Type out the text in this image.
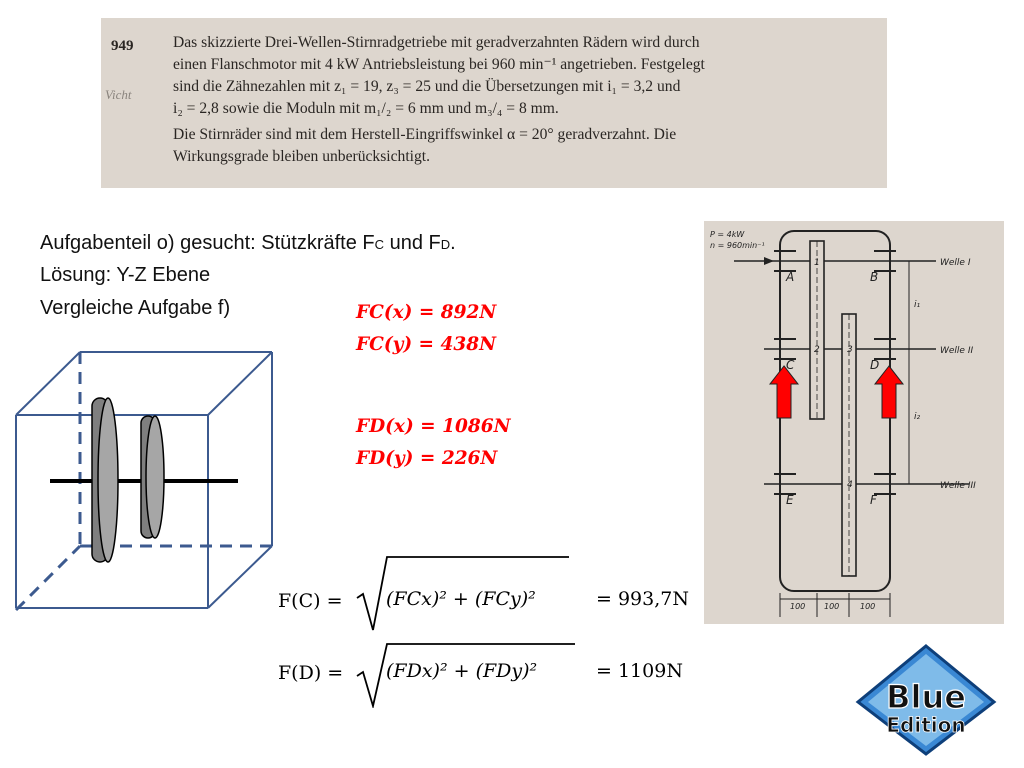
949
Vicht
Das skizzierte Drei-Wellen-Stirnradgetriebe mit geradverzahnten Rädern wird durch
einen Flanschmotor mit 4 kW Antriebsleistung bei 960 min⁻¹ angetrieben. Festgelegt
sind die Zähnezahlen mit z₁ = 19, z₃ = 25 und die Übersetzungen mit i₁ = 3,2 und
i₂ = 2,8 sowie die Moduln mit m₁/₂ = 6 mm und m₃/₄ = 8 mm.
Die Stirnräder sind mit dem Herstell-Eingriffswinkel α = 20° geradverzahnt. Die
Wirkungsgrade bleiben unberücksichtigt.
Aufgabenteil o) gesucht: Stützkräfte FC und FD.
Lösung: Y-Z Ebene
Vergleiche Aufgabe f)	FC(x) = 892N
FC(y) = 438N
FD(x) = 1086N
FD(y) = 226N
F(C) = (FCx)² + (FCy)²	= 993,7N
F(D) = (FDx)² + (FDy)²	= 1109N
P = 4kW
n = 960min⁻¹
Welle I
Welle II
Welle III
i₁
i₂
A	B
C	D
E	F
1
2	3
4
100 100	100
Blue
Edition
